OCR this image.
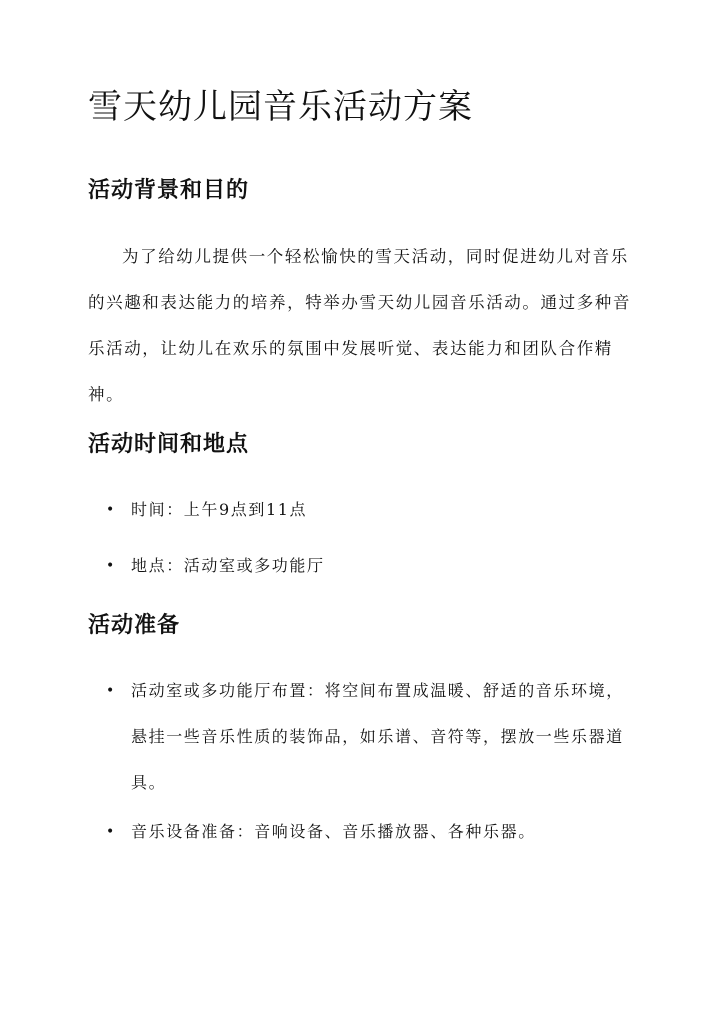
雪天幼儿园音乐活动方案
活动背景和目的

为了给幼儿提供一个轻松愉快的雪天活动，同时促进幼儿对音乐的兴趣和表达能力的培养，特举办雪天幼儿园音乐活动。通过多种音乐活动，让幼儿在欢乐的氛围中发展听觉、表达能力和团队合作精神。

活动时间和地点
•	时间：上午9点到11点
•	地点：活动室或多功能厅
活动准备
•	活动室或多功能厅布置：将空间布置成温暖、舒适的音乐环境，悬挂一些音乐性质的装饰品，如乐谱、音符等，摆放一些乐器道具。
•	音乐设备准备：音响设备、音乐播放器、各种乐器。
